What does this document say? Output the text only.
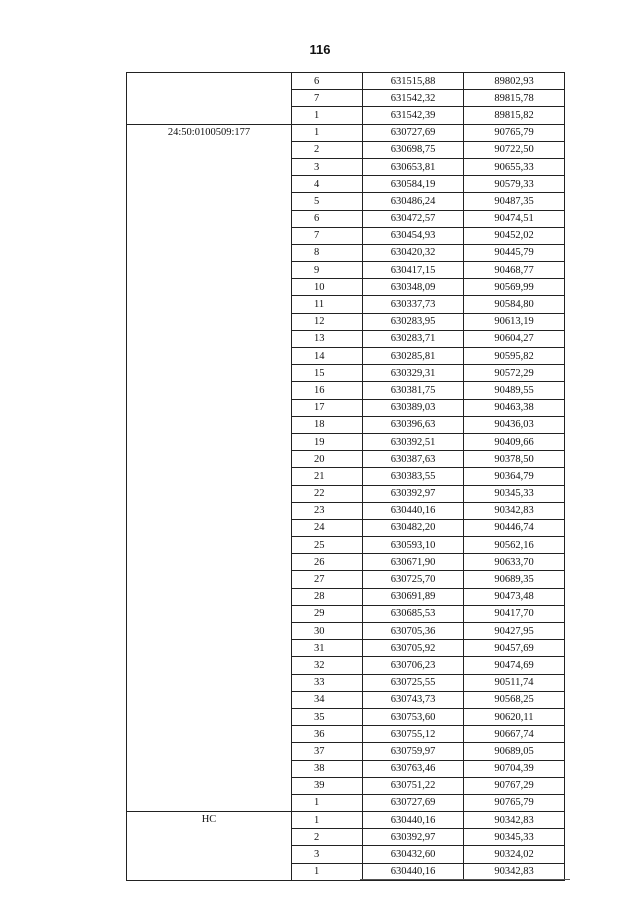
116
	6	631515,88	89802,93
	7	631542,32	89815,78
	1	631542,39	89815,82
24:50:0100509:177	1	630727,69	90765,79
	2	630698,75	90722,50
	3	630653,81	90655,33
	4	630584,19	90579,33
	5	630486,24	90487,35
	6	630472,57	90474,51
	7	630454,93	90452,02
	8	630420,32	90445,79
	9	630417,15	90468,77
	10	630348,09	90569,99
	11	630337,73	90584,80
	12	630283,95	90613,19
	13	630283,71	90604,27
	14	630285,81	90595,82
	15	630329,31	90572,29
	16	630381,75	90489,55
	17	630389,03	90463,38
	18	630396,63	90436,03
	19	630392,51	90409,66
	20	630387,63	90378,50
	21	630383,55	90364,79
	22	630392,97	90345,33
	23	630440,16	90342,83
	24	630482,20	90446,74
	25	630593,10	90562,16
	26	630671,90	90633,70
	27	630725,70	90689,35
	28	630691,89	90473,48
	29	630685,53	90417,70
	30	630705,36	90427,95
	31	630705,92	90457,69
	32	630706,23	90474,69
	33	630725,55	90511,74
	34	630743,73	90568,25
	35	630753,60	90620,11
	36	630755,12	90667,74
	37	630759,97	90689,05
	38	630763,46	90704,39
	39	630751,22	90767,29
	1	630727,69	90765,79
HC	1	630440,16	90342,83
	2	630392,97	90345,33
	3	630432,60	90324,02
	1	630440,16	90342,83
